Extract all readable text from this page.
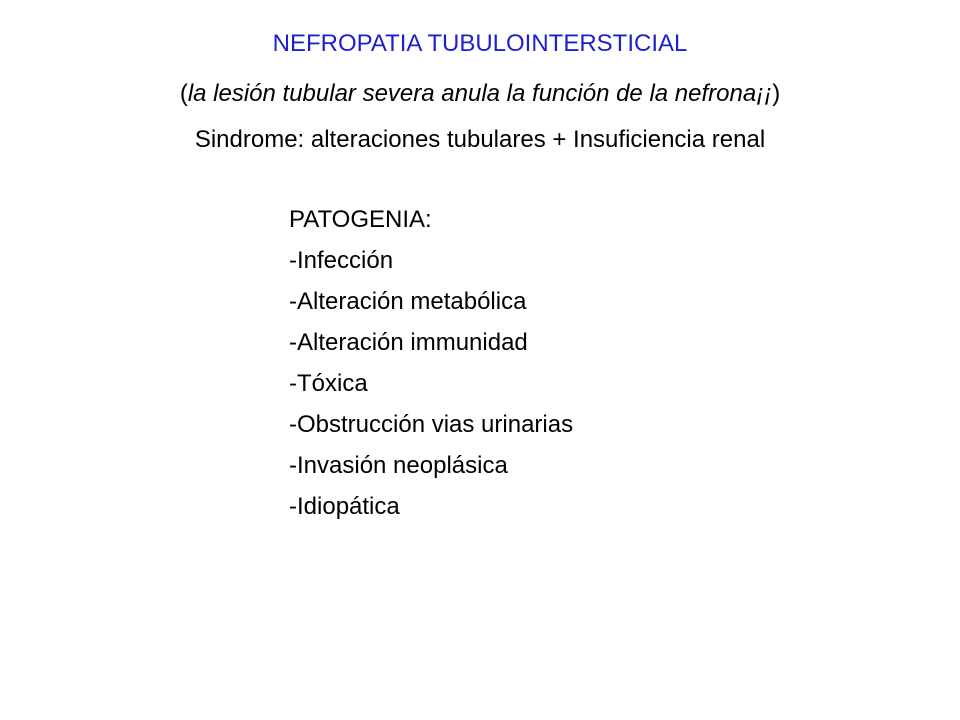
NEFROPATIA TUBULOINTERSTICIAL
(la lesión tubular severa anula la función de la nefrona¡¡)
Sindrome: alteraciones tubulares + Insuficiencia renal
PATOGENIA:
-Infección
-Alteración metabólica
-Alteración immunidad
-Tóxica
-Obstrucción vias urinarias
-Invasión neoplásica
-Idiopática
